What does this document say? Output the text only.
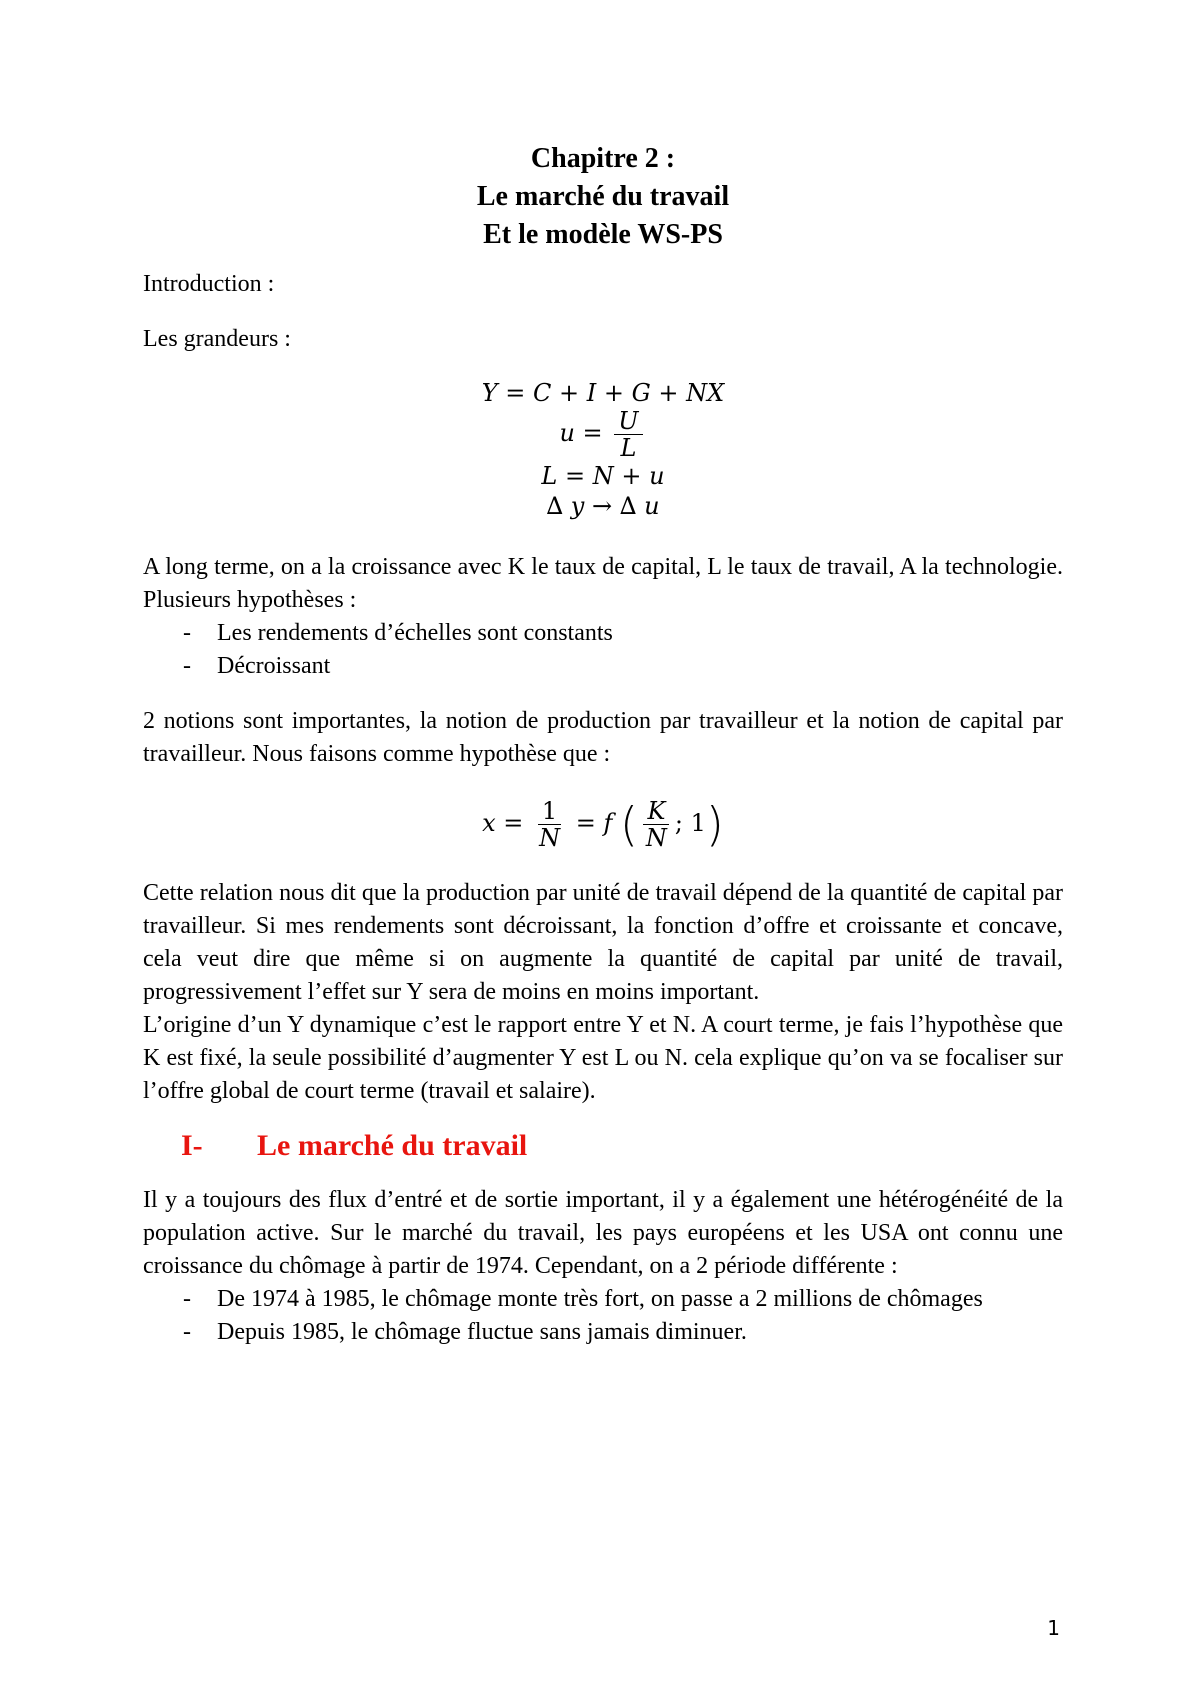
Chapitre 2 :
Le marché du travail
Et le modèle WS-PS

Introduction :

Les grandeurs :

Y = C + I + G + NX
$u = \frac{U}{L}$
L = N + u
∆ y → ∆ u

A long terme, on a la croissance avec K le taux de capital, L le taux de travail, A la technologie. Plusieurs hypothèses :

- Les rendements d’échelles sont constants
- Décroissant

2 notions sont importantes, la notion de production par travailleur et la notion de capital par travailleur. Nous faisons comme hypothèse que :

$x = \frac{1}{N} = f$ ( $\frac{K}{N}$ ; 1)

Cette relation nous dit que la production par unité de travail dépend de la quantité de capital par travailleur. Si mes rendements sont décroissant, la fonction d’offre et croissante et concave, cela veut dire que même si on augmente la quantité de capital par unité de travail, progressivement l’effet sur Y sera de moins en moins important.

L’origine d’un Y dynamique c’est le rapport entre Y et N. A court terme, je fais l’hypothèse que K est fixé, la seule possibilité d’augmenter Y est L ou N. cela explique qu’on va se focaliser sur l’offre global de court terme (travail et salaire).

I- Le marché du travail

Il y a toujours des flux d’entré et de sortie important, il y a également une hétérogénéité de la population active. Sur le marché du travail, les pays européens et les USA ont connu une croissance du chômage à partir de 1974. Cependant, on a 2 période différente :

- De 1974 à 1985, le chômage monte très fort, on passe a 2 millions de chômages
- Depuis 1985, le chômage fluctue sans jamais diminuer.
1
